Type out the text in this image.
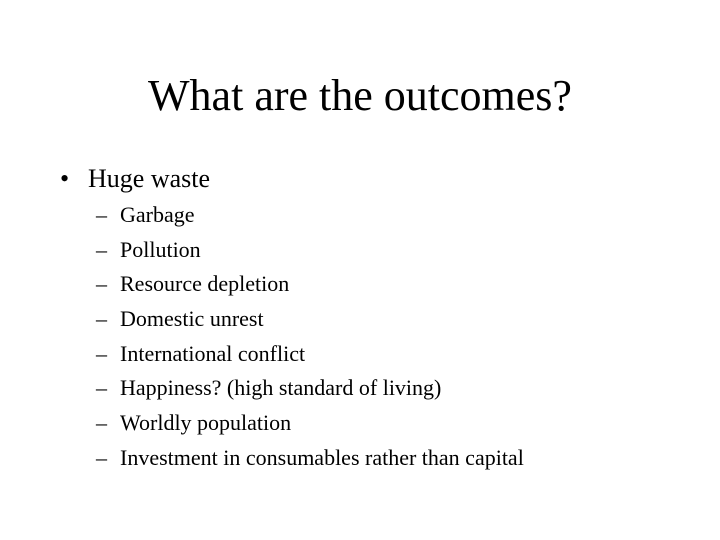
What are the outcomes?
• Huge waste
– Garbage
– Pollution
– Resource depletion
– Domestic unrest
– International conflict
– Happiness? (high standard of living)
– Worldly population
– Investment in consumables rather than capital
